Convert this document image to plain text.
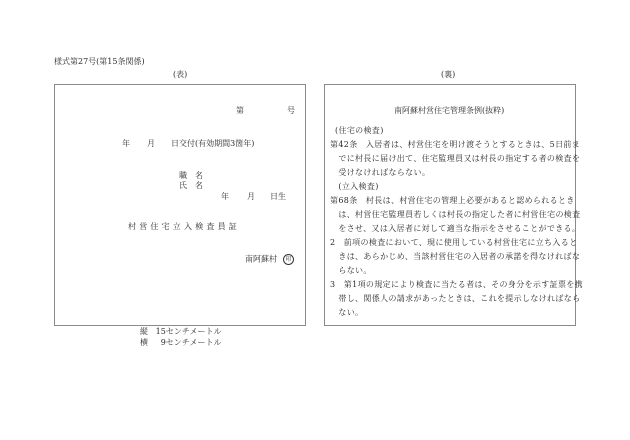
様式第27号(第15条関係)
(表)	(裏)
第	号
年 月 日交付(有効期間3箇年)
職　名
氏　名
年 月 日生
村営住宅立入検査員証
南阿蘇村 印
縦 15センチメートル
横 9センチメートル
南阿蘇村営住宅管理条例(抜粋)
(住宅の検査)
第42条　入居者は、村営住宅を明け渡そうとするときは、5日前ま
　でに村長に届け出て、住宅監理員又は村長の指定する者の検査を
　受けなければならない。
　(立入検査)
第68条　村長は、村営住宅の管理上必要があると認められるとき
　は、村営住宅監理員若しくは村長の指定した者に村営住宅の検査
　をさせ、又は入居者に対して適当な指示をさせることができる。
2　前項の検査において、現に使用している村営住宅に立ち入ると
　きは、あらかじめ、当該村営住宅の入居者の承諾を得なければな
　らない。
3　第1項の規定により検査に当たる者は、その身分を示す証票を携
　帯し、関係人の請求があったときは、これを提示しなければなら
　ない。
